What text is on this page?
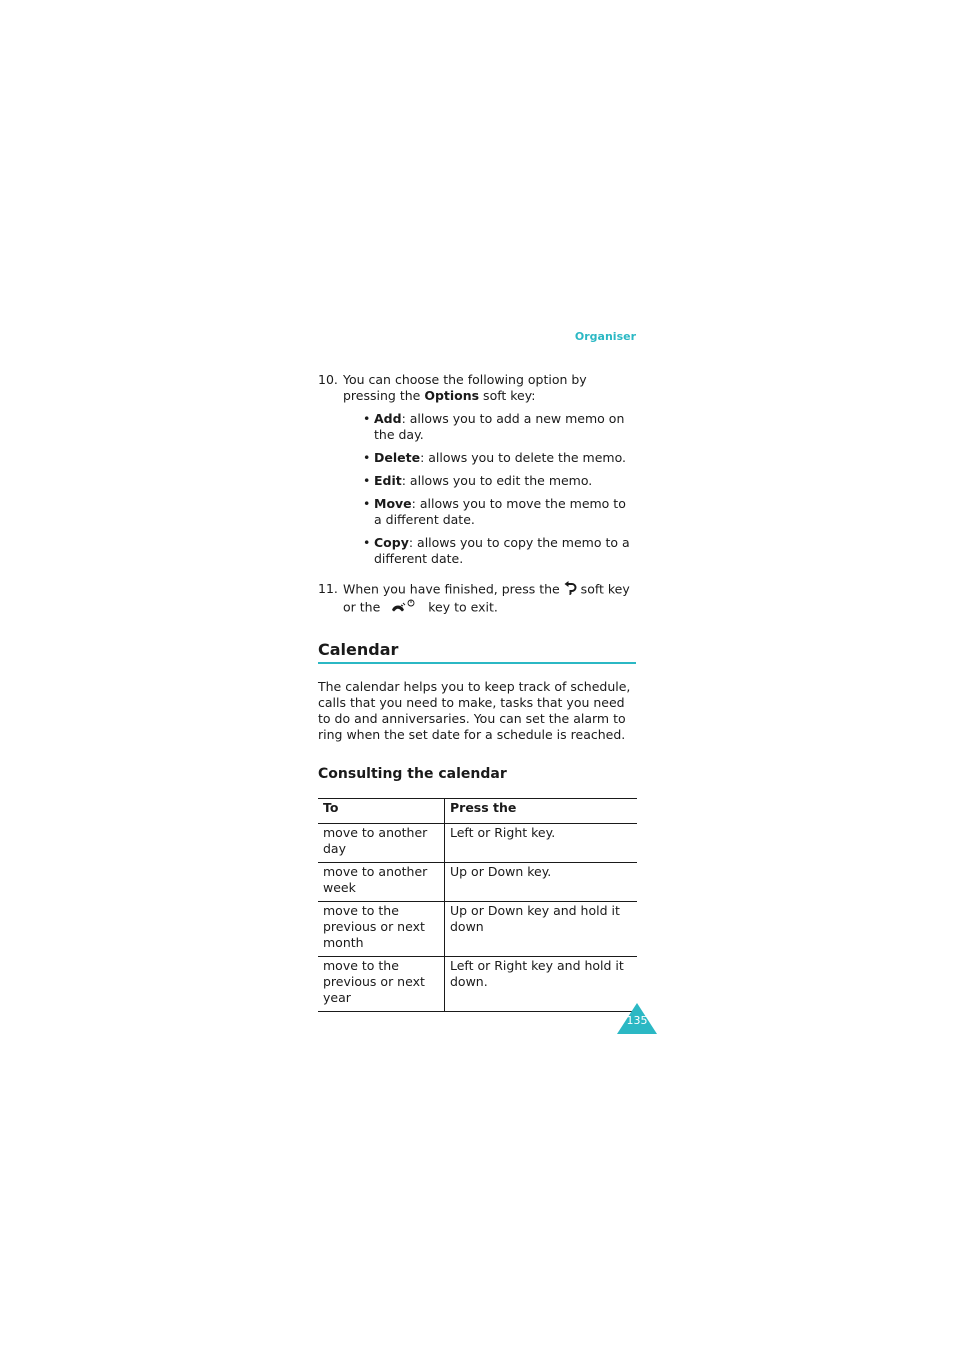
Organiser
10. You can choose the following option by pressing the Options soft key:
• Add: allows you to add a new memo on the day.
• Delete: allows you to delete the memo.
• Edit: allows you to edit the memo.
• Move: allows you to move the memo to a different date.
• Copy: allows you to copy the memo to a different date.
11. When you have finished, press the  soft key or the	key to exit.
Calendar

The calendar helps you to keep track of schedule, calls that you need to make, tasks that you need to do and anniversaries. You can set the alarm to ring when the set date for a schedule is reached.

Consulting the calendar
To	Press the
move to another day	Left or Right key.
move to another week	Up or Down key.
move to the previous or next month	Up or Down key and hold it down
move to the previous or next year	Left or Right key and hold it down.
135
